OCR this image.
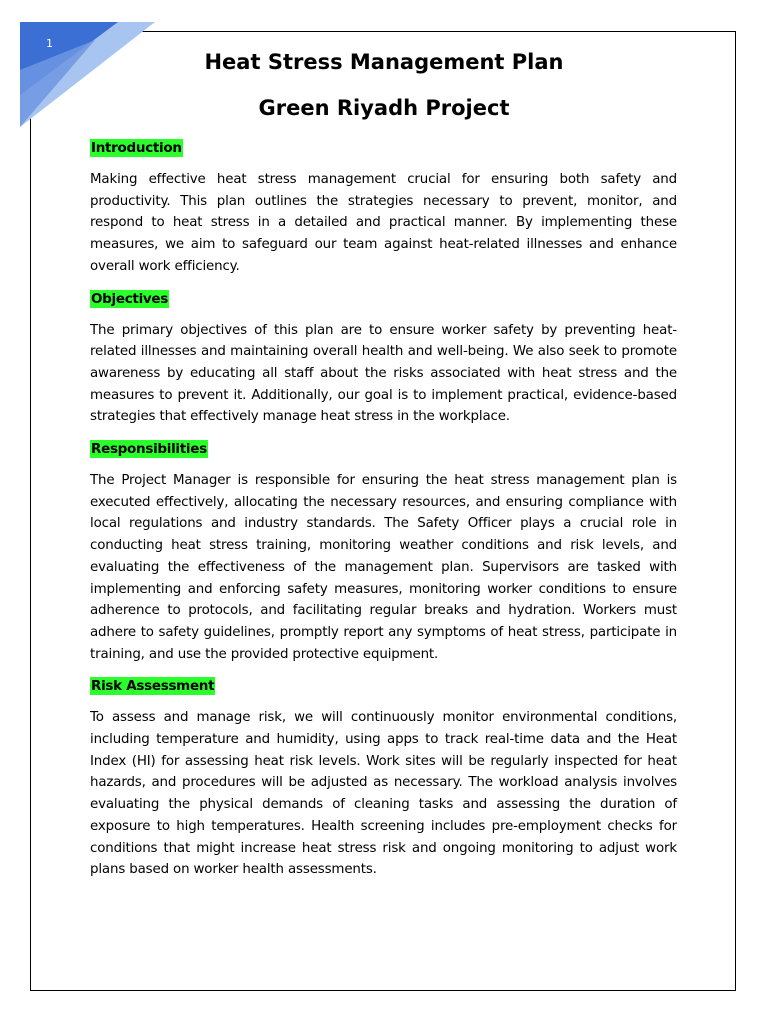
1
Heat Stress Management Plan
Green Riyadh Project
Introduction

Making effective heat stress management crucial for ensuring both safety and productivity. This plan outlines the strategies necessary to prevent, monitor, and respond to heat stress in a detailed and practical manner. By implementing these measures, we aim to safeguard our team against heat-related illnesses and enhance overall work efficiency.

Objectives

The primary objectives of this plan are to ensure worker safety by preventing heat-related illnesses and maintaining overall health and well-being. We also seek to promote awareness by educating all staff about the risks associated with heat stress and the measures to prevent it. Additionally, our goal is to implement practical, evidence-based strategies that effectively manage heat stress in the workplace.

Responsibilities

The Project Manager is responsible for ensuring the heat stress management plan is executed effectively, allocating the necessary resources, and ensuring compliance with local regulations and industry standards. The Safety Officer plays a crucial role in conducting heat stress training, monitoring weather conditions and risk levels, and evaluating the effectiveness of the management plan. Supervisors are tasked with implementing and enforcing safety measures, monitoring worker conditions to ensure adherence to protocols, and facilitating regular breaks and hydration. Workers must adhere to safety guidelines, promptly report any symptoms of heat stress, participate in training, and use the provided protective equipment.

Risk Assessment

To assess and manage risk, we will continuously monitor environmental conditions, including temperature and humidity, using apps to track real-time data and the Heat Index (HI) for assessing heat risk levels. Work sites will be regularly inspected for heat hazards, and procedures will be adjusted as necessary. The workload analysis involves evaluating the physical demands of cleaning tasks and assessing the duration of exposure to high temperatures. Health screening includes pre-employment checks for conditions that might increase heat stress risk and ongoing monitoring to adjust work plans based on worker health assessments.
